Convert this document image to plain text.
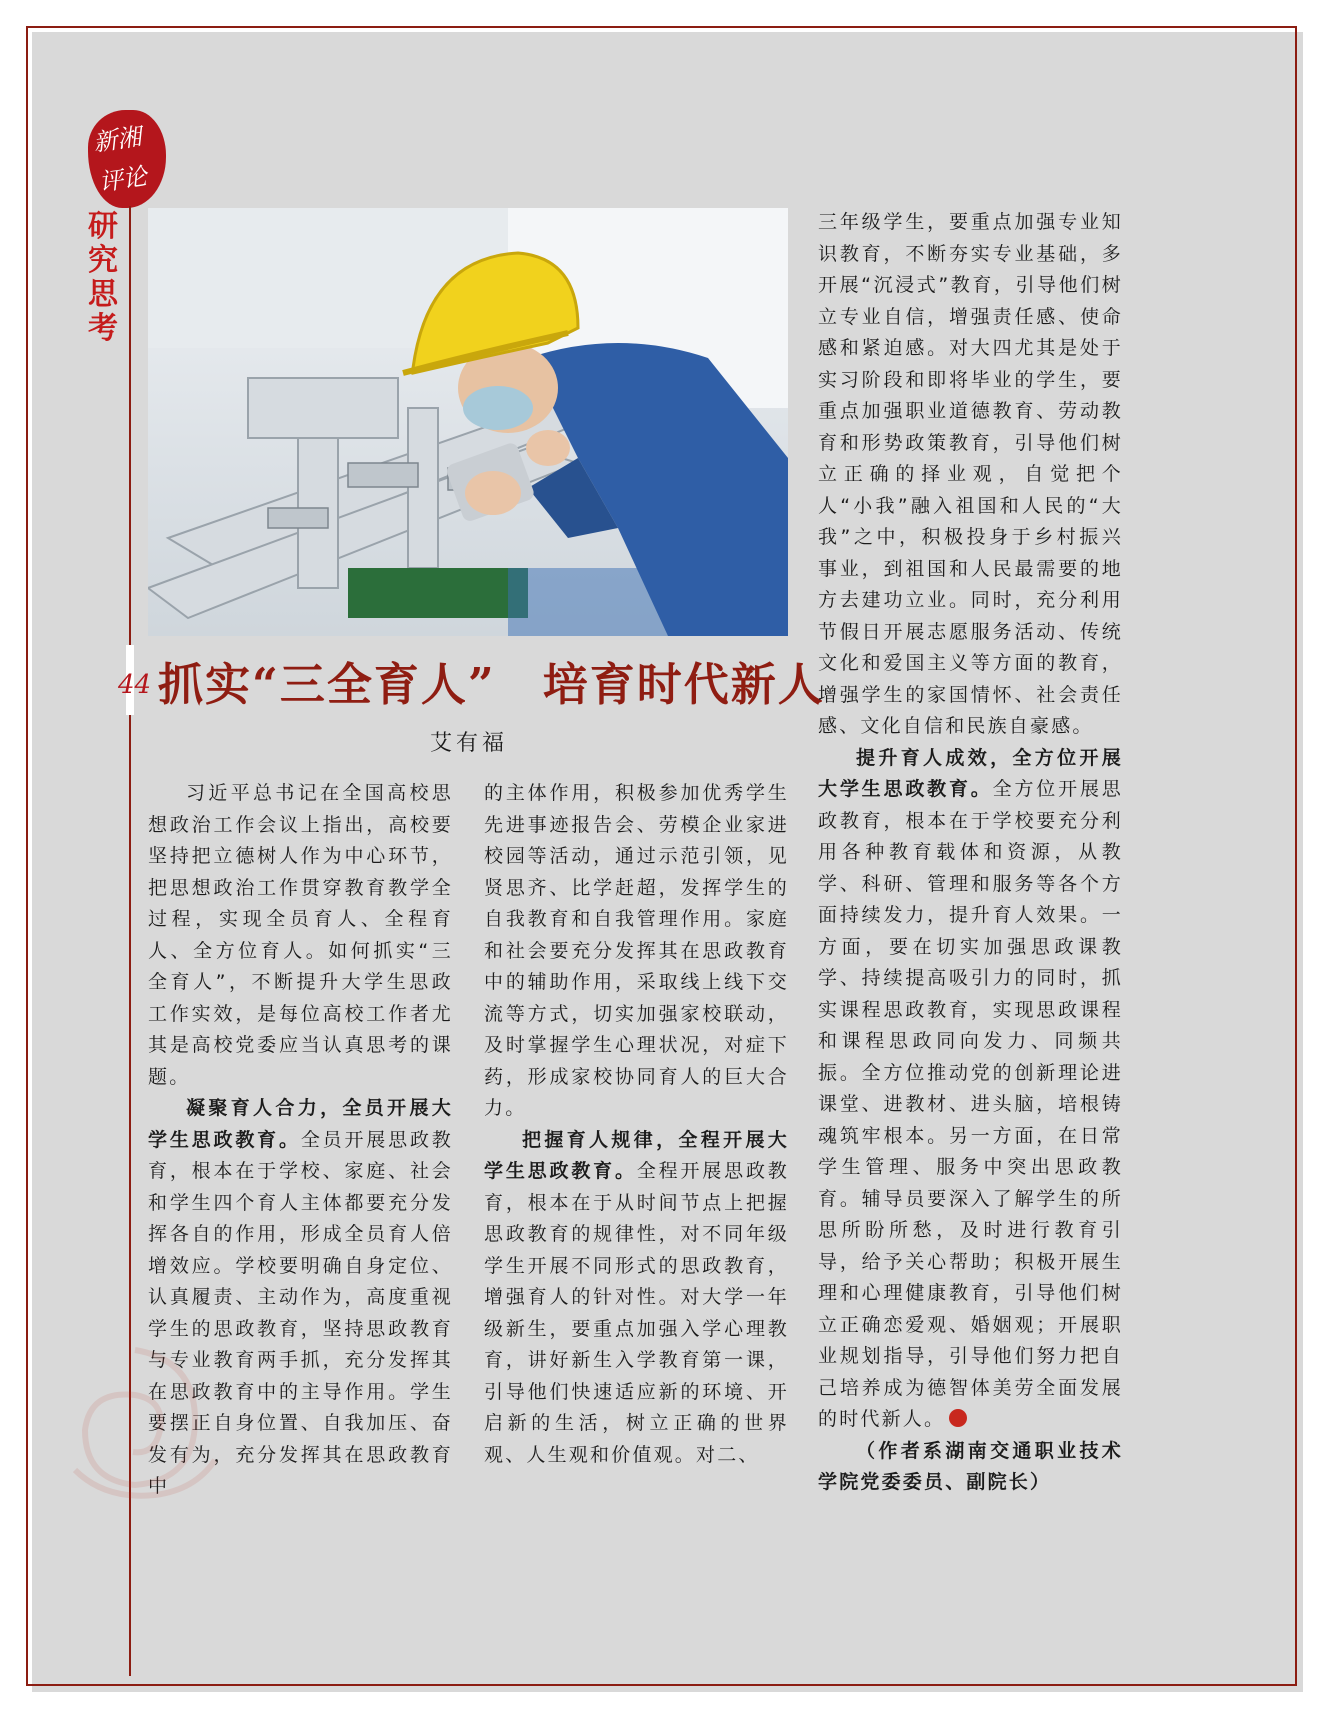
新湘
评论
研究思考
44 抓实“三全育人”　培育时代新人
艾有福

习近平总书记在全国高校思想政治工作会议上指出，高校要坚持把立德树人作为中心环节，把思想政治工作贯穿教育教学全过程，实现全员育人、全程育人、全方位育人。如何抓实“三全育人”，不断提升大学生思政工作实效，是每位高校工作者尤其是高校党委应当认真思考的课题。

凝聚育人合力，全员开展大学生思政教育。全员开展思政教育，根本在于学校、家庭、社会和学生四个育人主体都要充分发挥各自的作用，形成全员育人倍增效应。学校要明确自身定位、认真履责、主动作为，高度重视学生的思政教育，坚持思政教育与专业教育两手抓，充分发挥其在思政教育中的主导作用。学生要摆正自身位置、自我加压、奋发有为，充分发挥其在思政教育中

的主体作用，积极参加优秀学生先进事迹报告会、劳模企业家进校园等活动，通过示范引领，见贤思齐、比学赶超，发挥学生的自我教育和自我管理作用。家庭和社会要充分发挥其在思政教育中的辅助作用，采取线上线下交流等方式，切实加强家校联动，及时掌握学生心理状况，对症下药，形成家校协同育人的巨大合力。

把握育人规律，全程开展大学生思政教育。全程开展思政教育，根本在于从时间节点上把握思政教育的规律性，对不同年级学生开展不同形式的思政教育，增强育人的针对性。对大学一年级新生，要重点加强入学心理教育，讲好新生入学教育第一课，引导他们快速适应新的环境、开启新的生活，树立正确的世界观、人生观和价值观。对二、

三年级学生，要重点加强专业知识教育，不断夯实专业基础，多开展“沉浸式”教育，引导他们树立专业自信，增强责任感、使命感和紧迫感。对大四尤其是处于实习阶段和即将毕业的学生，要重点加强职业道德教育、劳动教育和形势政策教育，引导他们树立正确的择业观，自觉把个人“小我”融入祖国和人民的“大我”之中，积极投身于乡村振兴事业，到祖国和人民最需要的地方去建功立业。同时，充分利用节假日开展志愿服务活动、传统文化和爱国主义等方面的教育，增强学生的家国情怀、社会责任感、文化自信和民族自豪感。

提升育人成效，全方位开展大学生思政教育。全方位开展思政教育，根本在于学校要充分利用各种教育载体和资源，从教学、科研、管理和服务等各个方面持续发力，提升育人效果。一方面，要在切实加强思政课教学、持续提高吸引力的同时，抓实课程思政教育，实现思政课程和课程思政同向发力、同频共振。全方位推动党的创新理论进课堂、进教材、进头脑，培根铸魂筑牢根本。另一方面，在日常学生管理、服务中突出思政教育。辅导员要深入了解学生的所思所盼所愁，及时进行教育引导，给予关心帮助；积极开展生理和心理健康教育，引导他们树立正确恋爱观、婚姻观；开展职业规划指导，引导他们努力把自己培养成为德智体美劳全面发展的时代新人。

（作者系湖南交通职业技术学院党委委员、副院长）
